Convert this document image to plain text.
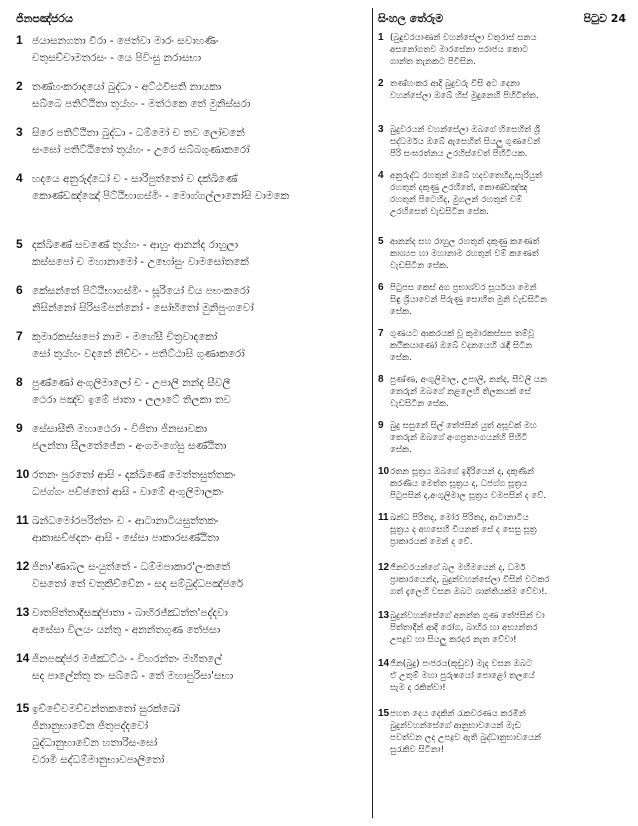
ජිනපඤ්ජරය
1 ජයාසනගතා වීරා - ජෙත්වා මාරං සවාහණිං
චතුසච්චාමතරසං - යෙ පිවිංසු නරාසභා
2 තණ්හංකරාදයෝ බුද්ධා - අට්ඨවීසති නායකා
සබ්බෙ පතිට්ඨිතා තුය්හං - මත්ථකෙ තේ මුනිස්සරා
3 සිරෙ පතිට්ඨිතා බුද්ධා - ධම්මෝ ච තව ලෝචනේ
සංඝෝ පතිට්ඨිතෝ තුය්හං - උරෙ සබ්බගුණාකරෝ
4 හදයෙ අනුරුද්ධෝ ච - සාරිපුත්තෝ ච දක්ඛිණේ
කොණ්ඩඤ්ඤෝ පිට්ඨිභාගස්මිං - මොග්ගල්ලානෝසි වාමකෙ
5 දක්ඛිණේ සවණේ තුය්හං - ආහුං ආනන්ද රාහුලා
කස්සපෝ ච මහානාමෝ - උභෝසුං වාමසෝතකේ
6 කේසන්තේ පිට්ඨිභාගස්මිං - සූරියෝ විය පභංකරෝ
නිසින්නෝ සිරිසම්පන්නෝ - සෝභිතෝ මුනිපුංගවෝ
7 කුමාරකස්සපෝ නාම - මහේසී චිත්‍රවාදකෝ
සෝ තුය්හං වදනේ නිච්චං - පතිට්ඨාසි ගුණාකරෝ
8 පුණ්ණෝ අංගුලිමාලෝ ච - උපාලි නන්ද සීවලී
ථෙරා පඤ්ච ඉමේ ජාතා - ලලාටේ තිලකා තව
9 සේසාසීති මහාථෙරා - විජිතා ජිනසාවකා
ජලන්තා සීලතේජේන - අංගමංගේසු සණ්ඨිතා
10 රතනං පුරතෝ ආසි - දක්ඛිණේ මෙත්තසුත්තකං
ධජග්ගං පච්ඡතෝ ආසි - වාමේ අංගුලිමාලකං
11 ඛන්ධමෝරපරිත්තං ච - ආටානාටියසුත්තකං
ආකාසච්ඡදනං ආසි - සේසා පාකාරසණ්ඨිතා
12 ජිනා'ණාබල සංයුත්තේ - ධම්මපාකාර'ලංකතේ
වසතෝ තේ චතුකිච්චේන - සද සම්බුද්ධපඤ්ජරේ
13 වාතපිත්තාදිසඤ්ජාතා - බාහිරජ්ඣත්ත'පද්දවා
අසේසා විලයං යන්තු - අනන්තගුණ තේජසා
14 ජිනපඤ්ජර මජ්ඣට්ඨං - විහරන්තං මහීතලේ
සද පාලේන්තු තං සබ්බේ - තේ මහාපුරිසා'සභා
15 ඉච්චේවමච්චන්තකතෝ සුරක්ඛෝ
ජිනානුභාවේන ජිතුපද්දවෝ
බුද්ධානුභාවේන හතාරිසංඝෝ
චරාමි සද්ධම්මානුභාවපාලිතෝ
සිංහල තේරුම	පිටුව 24
1 (බුදුවරයාණන් වහන්සේලා වතුරාස් සනය
අසනෝගතව මාරසේනා පරාජය කොට
ගාන්ත තැනකට පිවිසින.
2 තණ්හංකර ආදි බුදුවරු විසි අට දෙනා
වහන්සේලා ඔබේ හිස් මුදුනෙහි පිහිටිත්ත.
3 බුදුවරයන් වහන්සේලා ඔබගේ හිසෙහිත් ශ්‍රී
සද්ධර්මය ඔබේ ඇසෙහිත් සියලු ගුණවෙන්
පිරි සංඝරත්නය උරහිස්වෙත් පිහිටියක.
4 අනුරුද්ධ රහතුන් ඔබේ හදවතෙහිද,සැරියුත්
රහතුන් දකුණු උරහිතේ, කොණ්ඩඤ්ඤ
රහතුන් පිටෙහිද, මුගලන් රහතුන් වම්
උරහිසෙත් වැඩසිටින සේක.
5 ආනන්ද සහ රාහුල රහතුන් දකුණු කණෙත්
කාශ්‍යප හා මහානාම රහතුන් වම් කණෙත්
වැඩසිටින සේක.
6 පිටුපස කෙස් අග ප්‍රභාශ්වර සූර්යයා මෙන්
සිඳු ශ්‍රියාවෙන් පිරුණු සොහිත මුනි වැඩසිටින
සේක.
7 ගුණයට ආකරයක් වූ කුමාරකස්සප තම්වූ
කථිකයාණෝ ඔබේ වදනයෙහි රැඳී සිටින
සේක.
8 පුණ්ණ, අංගුලිමාල, උපාලි, නන්ද, සීවලී යන
තෙරුන් ඔබගේ නළලෙහි තිලකයක් සේ
වැඩසිටින සේක.
9 බුදු සසුනේ සිල් තේජසින් යුත් අසූවක් මහ
තෙරුන් ඔබගේ අංගප්‍රත්‍යංගයන්හි පිහිටි
සේක.
10රතන සූත්‍රය ඔබගේ ඉදිරියෙන් ද, දකුණින්
කරණීය මෙත්ත සූත්‍රය ද, ධජග්ග සූත්‍රය
පිටුපසින් ද,අංගුලිමාල සූත්‍රය වමපසින් ද වේ.
11ඛන්ධ පිරිතද, මෝර පිරිතද, ආටානාටිය
සූත්‍රය ද අහසෙහි වියනක් සේ ද සෙසු සූත්‍ර
ප්‍රාකාරයක් මෙන් ද වේ.
12ජිනවරයන්ගේ බල මහිමයෙන් ද, ධර්ම
ප්‍රාකාරයෙන්ද, බුදුන්වහන්සේලා විසින් වටකර
ගත් දැලෙහි වසන ඔබට ශාන්තියක්ම වේවා!.
13බුදුන්වහන්සේගේ අනන්ත ගුණ තේජසින් වා
පිත්තාදීන් ආදි රෝග, බාහිර හා අභ්‍යන්තර
උපද්‍රව හා සියලු කරදර නැත වේවා!
14ජින(බුදු) පංජරය(කූඩුව) මැද වසන ඔබට
ඒ උතුම් මහා පුරුෂයෝ පොළෝ තලයේ
සැම ද රකිත්වා!
15පහත දෙය දෙකින් රැකවරණය කරමින්
බුදුන්වහන්සේගේ ආනුභාවයෙන් මැඩ
පවත්වන ලද උපද්‍රව ඇති බුද්ධානුභාවයෙන්
සුරැකිව සිටිනා!
